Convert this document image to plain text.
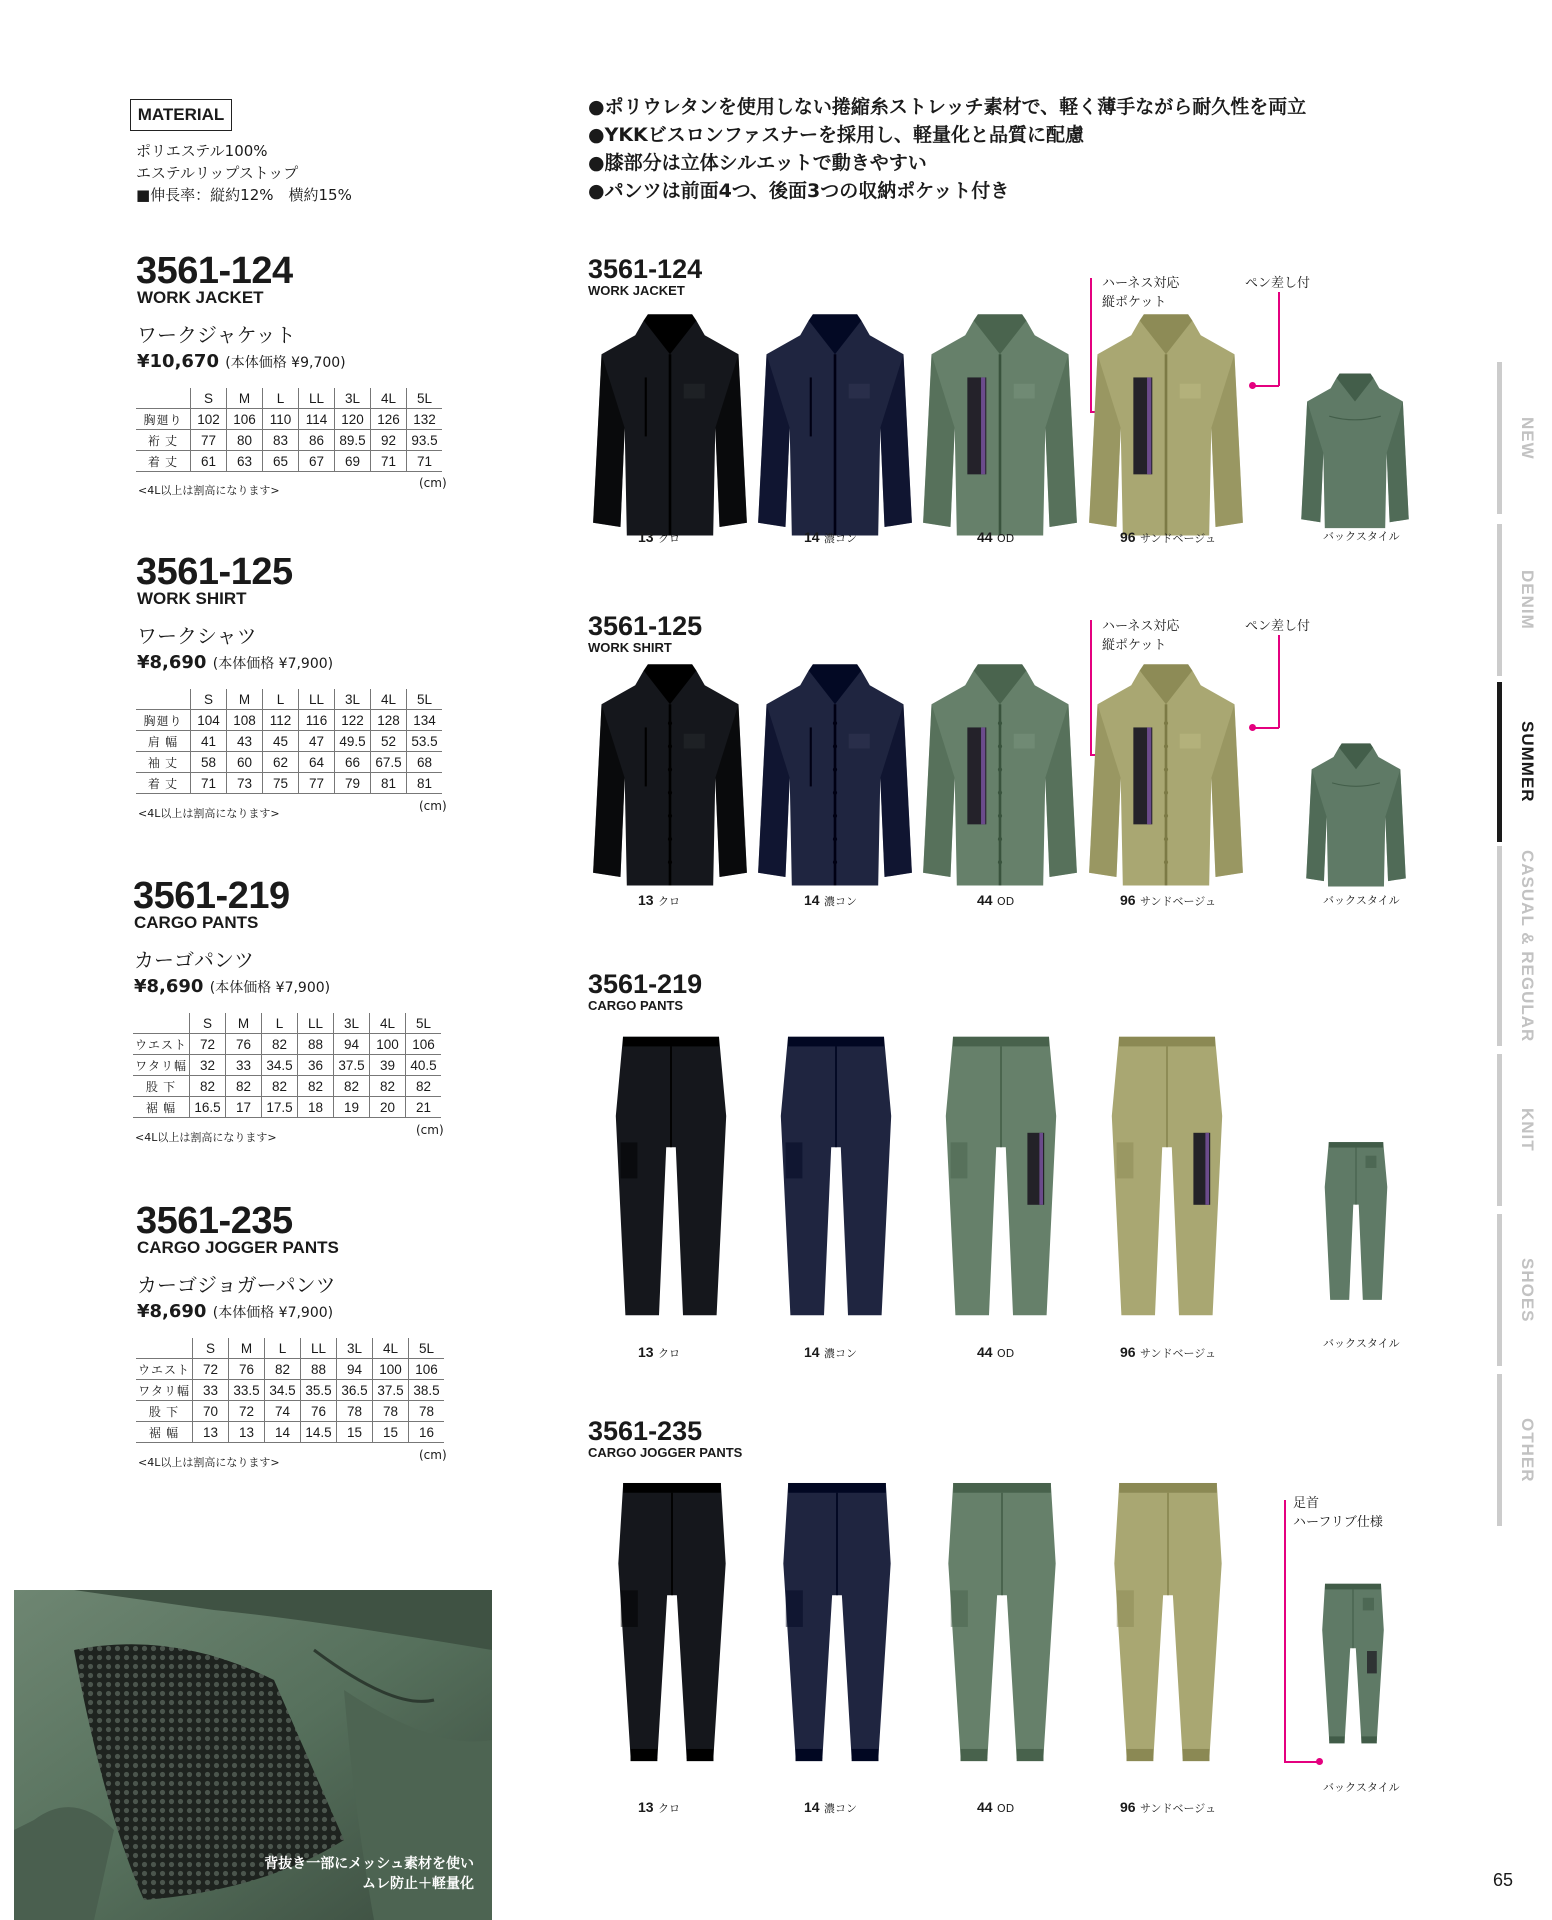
MATERIAL
ポリエステル100%
エステルリップストップ
■伸長率：縦約12%　横約15%
●ポリウレタンを使用しない捲縮糸ストレッチ素材で、軽く薄手ながら耐久性を両立
●YKKビスロンファスナーを採用し、軽量化と品質に配慮
●膝部分は立体シルエットで動きやすい
●パンツは前面4つ、後面3つの収納ポケット付き
3561-124
WORK JACKET
ワークジャケット
¥10,670 (本体価格 ¥9,700)
	S	M	L	LL	3L	4L	5L
胸廻り	102	106	110	114	120	126	132
裄 丈	77	80	83	86	89.5	92	93.5
着 丈	61	63	65	67	69	71	71
<4L以上は割高になります>
(cm)
3561-125
WORK SHIRT
ワークシャツ
¥8,690 (本体価格 ¥7,900)
	S	M	L	LL	3L	4L	5L
胸廻り	104	108	112	116	122	128	134
肩 幅	41	43	45	47	49.5	52	53.5
袖 丈	58	60	62	64	66	67.5	68
着 丈	71	73	75	77	79	81	81
<4L以上は割高になります>
(cm)
3561-219
CARGO PANTS
カーゴパンツ
¥8,690 (本体価格 ¥7,900)
	S	M	L	LL	3L	4L	5L
ウエスト	72	76	82	88	94	100	106
ワタリ幅	32	33	34.5	36	37.5	39	40.5
股 下	82	82	82	82	82	82	82
裾 幅	16.5	17	17.5	18	19	20	21
<4L以上は割高になります>
(cm)
3561-235
CARGO JOGGER PANTS
カーゴジョガーパンツ
¥8,690 (本体価格 ¥7,900)
	S	M	L	LL	3L	4L	5L
ウエスト	72	76	82	88	94	100	106
ワタリ幅	33	33.5	34.5	35.5	36.5	37.5	38.5
股 下	70	72	74	76	78	78	78
裾 幅	13	13	14	14.5	15	15	16
<4L以上は割高になります>
(cm)
3561-124
WORK JACKET	ハーネス対応
縦ポケット
ペン差し付
3561-125
WORK SHIRT
ハーネス対応
縦ポケット
ペン差し付
3561-219
CARGO PANTS
3561-235
CARGO JOGGER PANTS
足首
ハーフリブ仕様
13 クロ	14 濃コン	44 OD	96 サンドベージュ	バックスタイル
13 クロ	14 濃コン	44 OD	96 サンドベージュ	バックスタイル
13 クロ	14 濃コン	44 OD	96 サンドベージュ
バックスタイル
13 クロ	14 濃コン	44 OD	96 サンドベージュ
バックスタイル
NEW
DENIM
SUMMER
CASUAL & REGULAR
KNIT
SHOES
OTHER
背抜き一部にメッシュ素材を使い
ムレ防止＋軽量化	65
